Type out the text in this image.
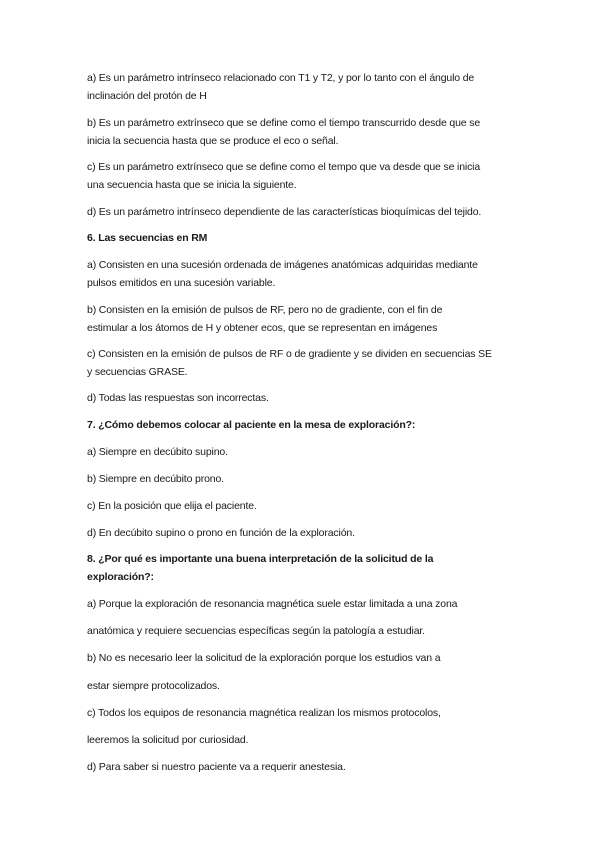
a) Es un parámetro intrínseco relacionado con T1 y T2, y por lo tanto con el ángulo de
inclinación del protón de H
b) Es un parámetro extrínseco que se define como el tiempo transcurrido desde que se
inicia la secuencia hasta que se produce el eco o señal.
c) Es un parámetro extrínseco que se define como el tempo que va desde que se inicia
una secuencia hasta que se inicia la siguiente.
d) Es un parámetro intrínseco dependiente de las características bioquímicas del tejido.
6. Las secuencias en RM
a) Consisten en una sucesión ordenada de imágenes anatómicas adquiridas mediante
pulsos emitidos en una sucesión variable.
b) Consisten en la emisión de pulsos de RF, pero no de gradiente, con el fin de
estimular a los átomos de H y obtener ecos, que se representan en imágenes
c) Consisten en la emisión de pulsos de RF o de gradiente y se dividen en secuencias SE
y secuencias GRASE.
d) Todas las respuestas son incorrectas.
7. ¿Cómo debemos colocar al paciente en la mesa de exploración?:
a) Siempre en decúbito supino.
b) Siempre en decúbito prono.
c) En la posición que elija el paciente.
d) En decúbito supino o prono en función de la exploración.
8. ¿Por qué es importante una buena interpretación de la solicitud de la
exploración?:
a) Porque la exploración de resonancia magnética suele estar limitada a una zona
anatómica y requiere secuencias específicas según la patología a estudiar.
b) No es necesario leer la solicitud de la exploración porque los estudios van a
estar siempre protocolizados.
c) Todos los equipos de resonancia magnética realizan los mismos protocolos,
leeremos la solicitud por curiosidad.
d) Para saber si nuestro paciente va a requerir anestesia.
